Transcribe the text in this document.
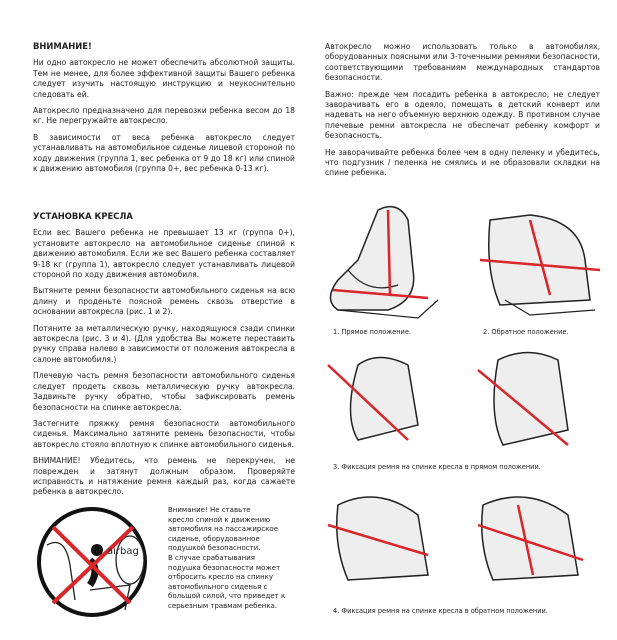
ВНИМАНИЕ!

Ни одно автокресло не может обеспечить абсолютной защиты. Тем не менее, для более эффективной защиты Вашего ребенка следует изучить настоящую инструкцию и неукоснительно следовать ей.

Автокресло предназначено для перевозки ребенка весом до 18 кг. Не перегружайте автокресло.

В зависимости от веса ребенка автокресло следует устанавливать на автомобильное сиденье лицевой стороной по ходу движения (группа 1, вес ребенка от 9 до 18 кг) или спиной к движению автомобиля (группа 0+, вес ребенка 0-13 кг).

УСТАНОВКА КРЕСЛА

Если вес Вашего ребенка не превышает 13 кг (группа 0+), установите автокресло на автомобильное сиденье спиной к движению автомобиля. Если же вес Вашего ребенка составляет 9-18 кг (группа 1), автокресло следует устанавливать лицевой стороной по ходу движения автомобиля.

Вытяните ремни безопасности автомобильного сиденья на всю длину и проденьте поясной ремень сквозь отверстие в основании автокресла (рис. 1 и 2).

Потяните за металлическую ручку, находящуюся сзади спинки автокресла (рис. 3 и 4). (Для удобства Вы можете переставить ручку справа налево в зависимости от положения автокресла в салоне автомобиля.)

Плечевую часть ремня безопасности автомобильного сиденья следует продеть сквозь металлическую ручку автокресла. Задвиньте ручку обратно, чтобы зафиксировать ремень безопасности на спинке автокресла.

Застегните пряжку ремня безопасности автомобильного сиденья. Максимально затяните ремень безопасности, чтобы автокресло стояло вплотную к спинке автомобильного сиденья.

ВНИМАНИЕ! Убедитесь, что ремень не перекручен, не поврежден и затянут должным образом. Проверяйте исправность и натяжение ремня каждый раз, когда сажаете ребенка в автокресло.

Автокресло можно использовать только в автомобилях, оборудованных поясными или 3-точечными ремнями безопасности, соответствующими требованиям международных стандартов безопасности.

Важно: прежде чем посадить ребенка в автокресло, не следует заворачивать его в одеяло, помещать в детский конверт или надевать на него объемную верхнюю одежду. В противном случае плечевые ремни автокресла не обеспечат ребенку комфорт и безопасность.

Не заворачивайте ребенка более чем в одну пеленку и убедитесь, что подгузник / пеленка не смялись и не образовали складки на спине ребенка.

1. Прямое положение.	2. Обратное положение.
3. Фиксация ремня на спинке кресла в прямом положении.
4. Фиксация ремня на спинке кресла в обратном положении.
airbag

Внимание! Не ставьте

кресло спиной к движению

автомобиля на пассажирское

сиденье, оборудованное

подушкой безопасности.

В случае срабатывания

подушка безопасности может

отбросить кресло на спинку

автомобильного сиденья с

большой силой, что приведет к

серьезным травмам ребенка.
